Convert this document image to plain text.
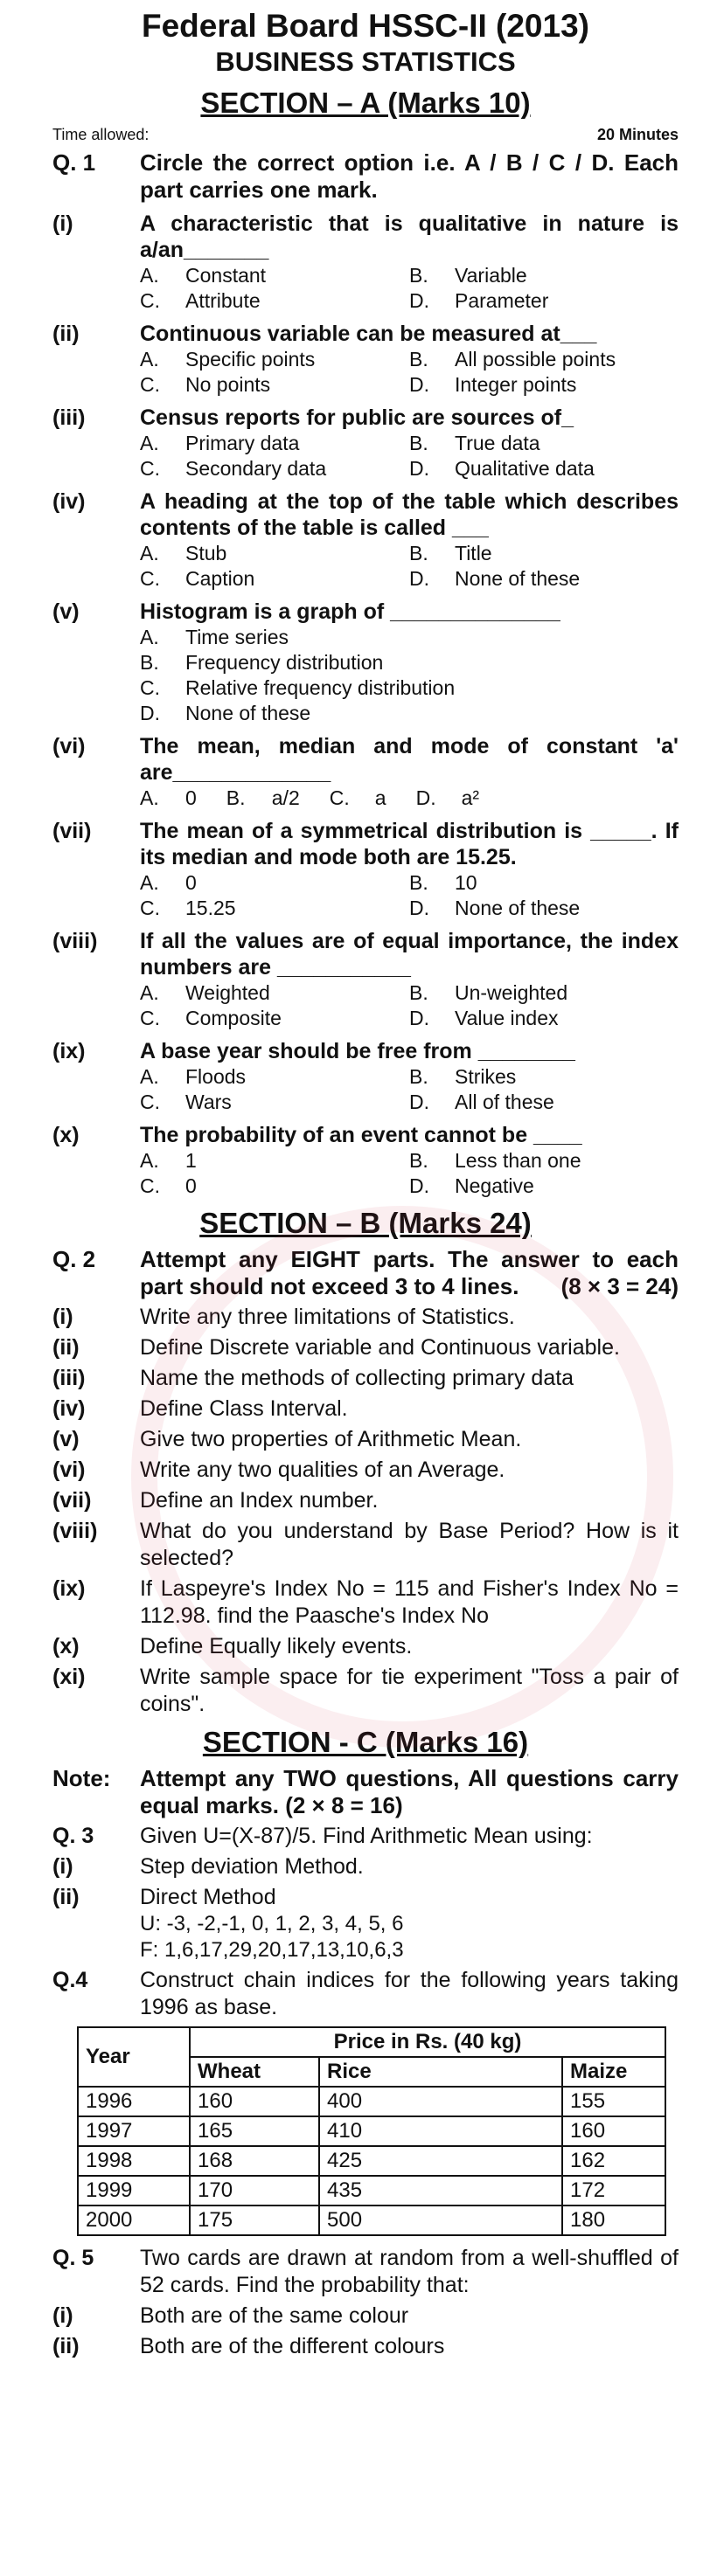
Federal Board HSSC-II (2013)
BUSINESS STATISTICS
SECTION – A (Marks 10)
Time allowed:	20 Minutes
Q. 1	Circle the correct option i.e. A / B / C / D. Each part carries one mark.
(i)	A characteristic that is qualitative in nature is a/an_______
A.	Constant	B.	Variable
C.	Attribute	D.	Parameter
(ii)	Continuous variable can be measured at___
A.	Specific points	B.	All possible points
C.	No points	D.	Integer points
(iii)	Census reports for public are sources of_
A.	Primary data	B.	True data
C.	Secondary data	D.	Qualitative data
(iv)	A heading at the top of the table which describes contents of the table is called ___
A.	Stub	B.	Title
C.	Caption	D.	None of these
(v)	Histogram is a graph of ______________
A.	Time series
B.	Frequency distribution
C.	Relative frequency distribution
D.	None of these
(vi)	The mean, median and mode of constant 'a' are_____________
A.	0 B.	a/2 C.	a D.	a²
(vii)	The mean of a symmetrical distribution is _____. If its median and mode both are 15.25.
A.	0	B.	10
C.	15.25	D.	None of these
(viii)	If all the values are of equal importance, the index numbers are ___________
A.	Weighted	B.	Un-weighted
C.	Composite	D.	Value index
(ix)	A base year should be free from ________
A.	Floods	B.	Strikes
C.	Wars	D.	All of these
(x)	The probability of an event cannot be ____
A.	1	B.	Less than one
C.	0	D.	Negative
SECTION – B (Marks 24)
Q. 2	Attempt any EIGHT parts. The answer to each part should not exceed 3 to 4 lines. (8 × 3 = 24)
(i)	Write any three limitations of Statistics.
(ii)	Define Discrete variable and Continuous variable.
(iii)	Name the methods of collecting primary data
(iv)	Define Class Interval.
(v)	Give two properties of Arithmetic Mean.
(vi)	Write any two qualities of an Average.
(vii)	Define an Index number.
(viii)	What do you understand by Base Period? How is it selected?
(ix)	If Laspeyre's Index No = 115 and Fisher's Index No = 112.98. find the Paasche's Index No
(x)	Define Equally likely events.
(xi)	Write sample space for tie experiment "Toss a pair of coins".
SECTION - C (Marks 16)
Note:	Attempt any TWO questions, All questions carry equal marks. (2 × 8 = 16)
Q. 3	Given U=(X-87)/5. Find Arithmetic Mean using:
(i)	Step deviation Method.
(ii)	Direct Method
U: -3, -2,-1, 0, 1, 2, 3, 4, 5, 6
F: 1,6,17,29,20,17,13,10,6,3
Q.4	Construct chain indices for the following years taking 1996 as base.
Year	Price in Rs. (40 kg)		
	Wheat	Rice	Maize
1996	160	400	155
1997	165	410	160
1998	168	425	162
1999	170	435	172
2000	175	500	180
Q. 5	Two cards are drawn at random from a well-shuffled of 52 cards. Find the probability that:
(i)	Both are of the same colour
(ii)	Both are of the different colours
